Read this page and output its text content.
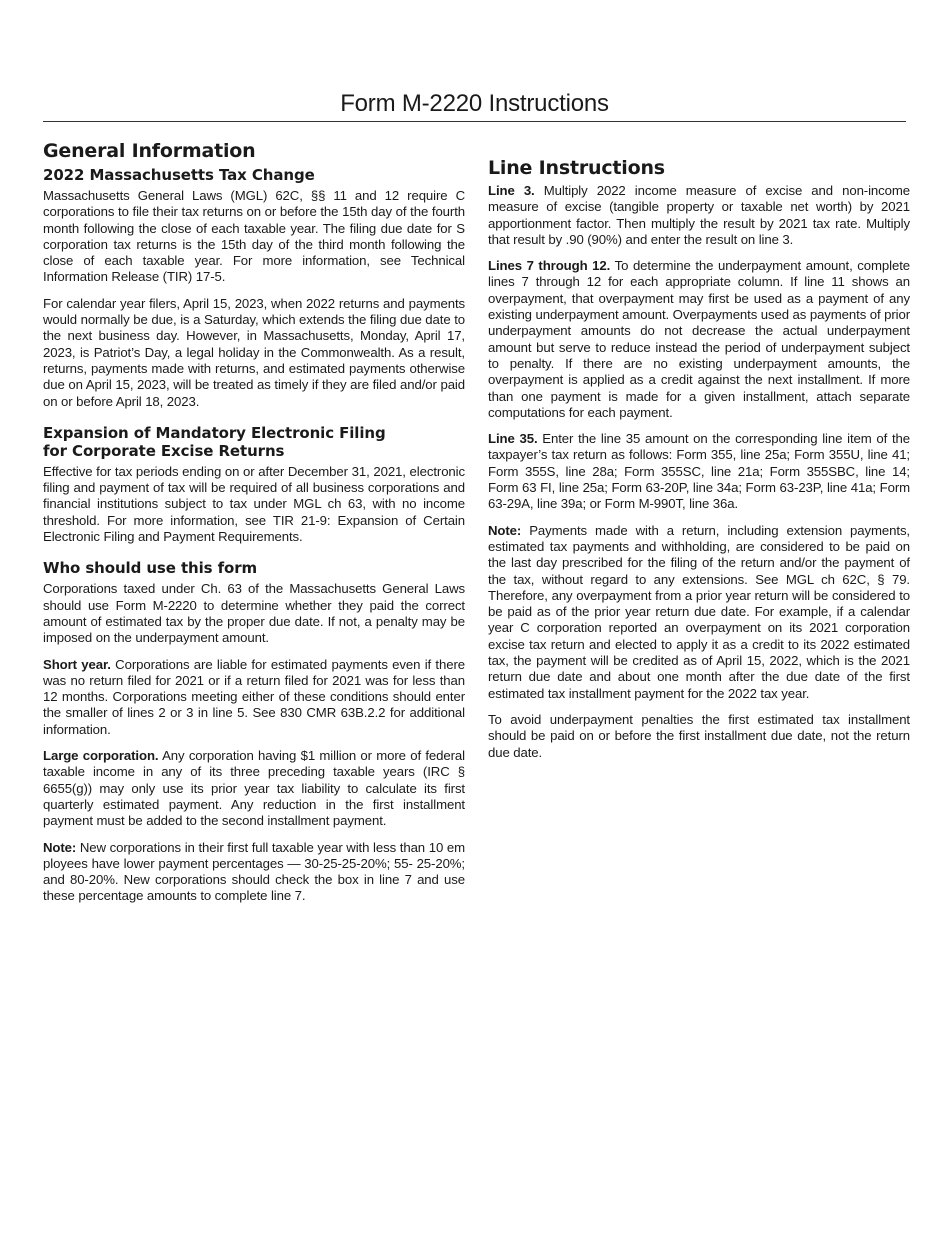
Form M-2220 Instructions
General Information
2022 Massachusetts Tax Change

Massachusetts General Laws (MGL) 62C, §§ 11 and 12 require C corporations to file their tax returns on or before the 15th day of the fourth month following the close of each taxable year. The filing due date for S corporation tax returns is the 15th day of the third month following the close of each taxable year. For more information, see Technical Information Release (TIR) 17-5.

For calendar year filers, April 15, 2023, when 2022 returns and payments would normally be due, is a Saturday, which extends the filing due date to the next business day. However, in Massachusetts, Monday, April 17, 2023, is Patriot’s Day, a legal holiday in the Commonwealth. As a result, returns, payments made with returns, and estimated payments otherwise due on April 15, 2023, will be treated as timely if they are filed and/or paid on or before April 18, 2023.

Expansion of Mandatory Electronic Filing
for Corporate Excise Returns

Effective for tax periods ending on or after December 31, 2021, electronic filing and payment of tax will be required of all business corporations and financial institutions subject to tax under MGL ch 63, with no income threshold. For more information, see TIR 21-9: Expansion of Certain Electronic Filing and Payment Requirements.

Who should use this form

Corporations taxed under Ch. 63 of the Massachusetts General Laws should use Form M-2220 to determine whether they paid the correct amount of estimated tax by the proper due date. If not, a penalty may be imposed on the underpayment amount.

Short year. Corporations are liable for estimated payments even if there was no return filed for 2021 or if a return filed for 2021 was for less than 12 months. Corporations meeting either of these conditions should enter the smaller of lines 2 or 3 in line 5. See 830 CMR 63B.2.2 for additional information.

Large corporation. Any corporation having $1 million or more of federal taxable income in any of its three preceding taxable years (IRC § 6655(g)) may only use its prior year tax liability to calculate its first quarterly estimated payment. Any reduction in the first installment payment must be added to the second installment payment.

Note: New corporations in their first full taxable year with less than 10 em ployees have lower payment percentages — 30-25-25-20%; 55- 25-20%; and 80-20%. New corporations should check the box in line 7 and use these percentage amounts to complete line 7.

Line Instructions

Line 3. Multiply 2022 income measure of excise and non-income measure of excise (tangible property or taxable net worth) by 2021 apportionment factor. Then multiply the result by 2021 tax rate. Multiply that result by .90 (90%) and enter the result on line 3.

Lines 7 through 12. To determine the underpayment amount, complete lines 7 through 12 for each appropriate column. If line 11 shows an overpayment, that overpayment may first be used as a payment of any existing underpayment amount. Overpayments used as payments of prior underpayment amounts do not decrease the actual underpayment amount but serve to reduce instead the period of underpayment subject to penalty. If there are no existing underpayment amounts, the overpayment is applied as a credit against the next installment. If more than one payment is made for a given installment, attach separate computations for each payment.

Line 35. Enter the line 35 amount on the corresponding line item of the taxpayer’s tax return as follows: Form 355, line 25a; Form 355U, line 41; Form 355S, line 28a; Form 355SC, line 21a; Form 355SBC, line 14; Form 63 FI, line 25a; Form 63-20P, line 34a; Form 63-23P, line 41a; Form 63-29A, line 39a; or Form M-990T, line 36a.

Note: Payments made with a return, including extension payments, estimated tax payments and withholding, are considered to be paid on the last day prescribed for the filing of the return and/or the payment of the tax, without regard to any extensions. See MGL ch 62C, § 79. Therefore, any overpayment from a prior year return will be considered to be paid as of the prior year return due date. For example, if a calendar year C corporation reported an overpayment on its 2021 corporation excise tax return and elected to apply it as a credit to its 2022 estimated tax, the payment will be credited as of April 15, 2022, which is the 2021 return due date and about one month after the due date of the first estimated tax installment payment for the 2022 tax year.

To avoid underpayment penalties the first estimated tax installment should be paid on or before the first installment due date, not the return due date.
